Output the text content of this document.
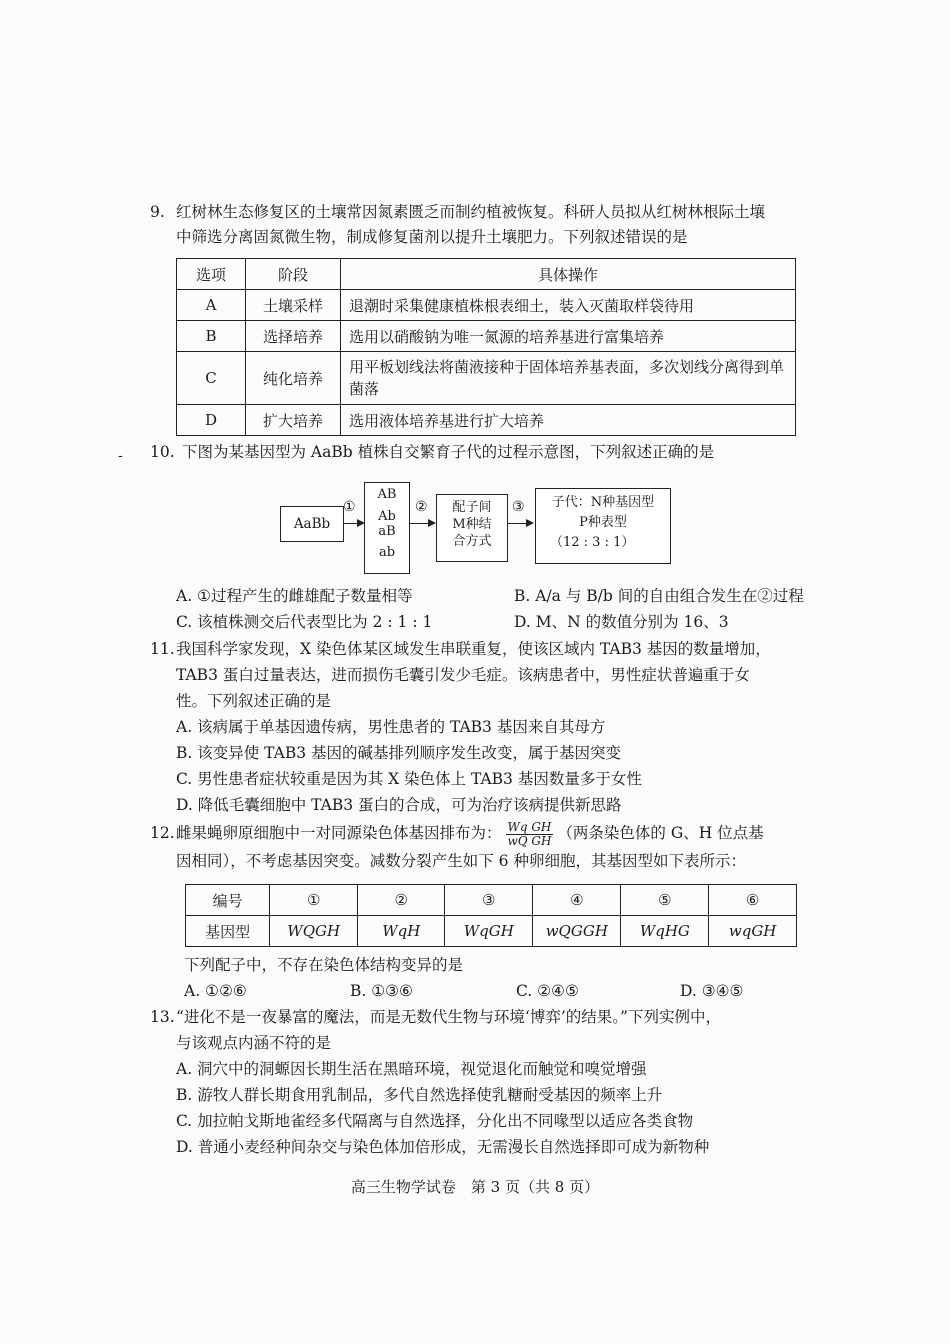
9. 红树林生态修复区的土壤常因氮素匮乏而制约植被恢复。科研人员拟从红树林根际土壤
中筛选分离固氮微生物，制成修复菌剂以提升土壤肥力。下列叙述错误的是
选项	阶段	具体操作
A	土壤采样	退潮时采集健康植株根表细土，装入灭菌取样袋待用
B	选择培养	选用以硝酸钠为唯一氮源的培养基进行富集培养
C	纯化培养	用平板划线法将菌液接种于固体培养基表面，多次划线分离得到单菌落
D	扩大培养	选用液体培养基进行扩大培养
- 10. 下图为某基因型为 AaBb 植株自交繁育子代的过程示意图，下列叙述正确的是
AaBb
①
AB
Ab
aB
ab
②	配子间
M种结
合方式
③	子代：N种基因型
P种表型
（12 : 3 : 1）
A. ①过程产生的雌雄配子数量相等	B. A/a 与 B/b 间的自由组合发生在②过程
C. 该植株测交后代表型比为 2 : 1 : 1	D. M、N 的数值分别为 16、3
11. 我国科学家发现，X 染色体某区域发生串联重复，使该区域内 TAB3 基因的数量增加，
TAB3 蛋白过量表达，进而损伤毛囊引发少毛症。该病患者中，男性症状普遍重于女
性。下列叙述正确的是
A. 该病属于单基因遗传病，男性患者的 TAB3 基因来自其母方
B. 该变异使 TAB3 基因的碱基排列顺序发生改变，属于基因突变
C. 男性患者症状较重是因为其 X 染色体上 TAB3 基因数量多于女性
D. 降低毛囊细胞中 TAB3 蛋白的合成，可为治疗该病提供新思路
12. 雌果蝇卵原细胞中一对同源染色体基因排布为： $\frac{\text{Wq GH}}{\text{wQ GH}}$ （两条染色体的 G、H 位点基
因相同），不考虑基因突变。减数分裂产生如下 6 种卵细胞，其基因型如下表所示：
编号	①	②	③	④	⑤	⑥
基因型	WQGH	WqH	WqGH	wQGGH	WqHG	wqGH
下列配子中，不存在染色体结构变异的是
A. ①②⑥	B. ①③⑥	C. ②④⑤	D. ③④⑤
13. “进化不是一夜暴富的魔法，而是无数代生物与环境‘博弈’的结果。”下列实例中，
与该观点内涵不符的是
A. 洞穴中的洞螈因长期生活在黑暗环境，视觉退化而触觉和嗅觉增强
B. 游牧人群长期食用乳制品，多代自然选择使乳糖耐受基因的频率上升
C. 加拉帕戈斯地雀经多代隔离与自然选择，分化出不同喙型以适应各类食物
D. 普通小麦经种间杂交与染色体加倍形成，无需漫长自然选择即可成为新物种
高三生物学试卷　第 3 页（共 8 页）
